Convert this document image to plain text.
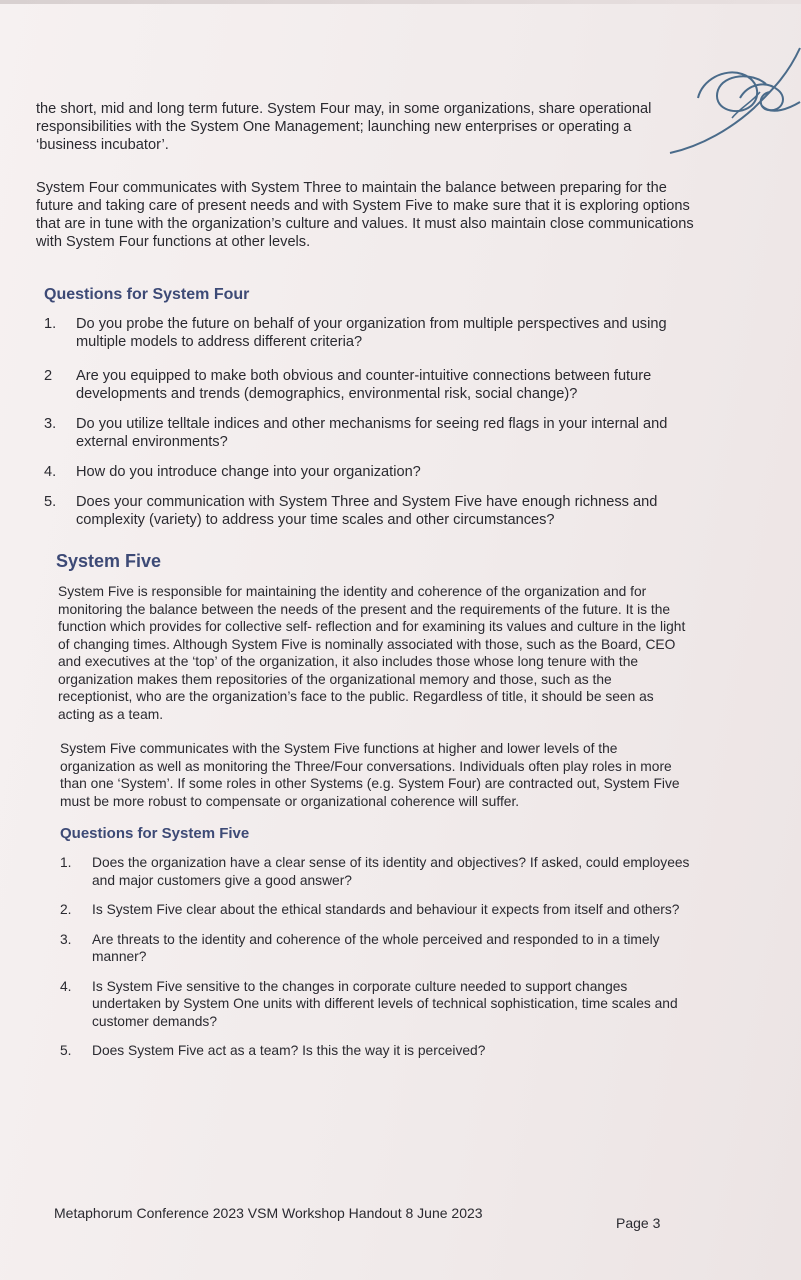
the short, mid and long term future. System Four may, in some organizations, share operational responsibilities with the System One Management; launching new enterprises or operating a ‘business incubator’.

System Four communicates with System Three to maintain the balance between preparing for the future and taking care of present needs and with System Five to make sure that it is exploring options that are in tune with the organization’s culture and values. It must also maintain close communications with System Four functions at other levels.

Questions for System Four
1. Do you probe the future on behalf of your organization from multiple perspectives and using multiple models to address different criteria?
2 Are you equipped to make both obvious and counter-intuitive connections between future developments and trends (demographics, environmental risk, social change)?
3. Do you utilize telltale indices and other mechanisms for seeing red flags in your internal and external environments?
4. How do you introduce change into your organization?
5. Does your communication with System Three and System Five have enough richness and complexity (variety) to address your time scales and other circumstances?
System Five

System Five is responsible for maintaining the identity and coherence of the organization and for monitoring the balance between the needs of the present and the requirements of the future. It is the function which provides for collective self- reflection and for examining its values and culture in the light of changing times. Although System Five is nominally associated with those, such as the Board, CEO and executives at the ‘top’ of the organization, it also includes those whose long tenure with the organization makes them repositories of the organizational memory and those, such as the receptionist, who are the organization’s face to the public. Regardless of title, it should be seen as acting as a team.

System Five communicates with the System Five functions at higher and lower levels of the organization as well as monitoring the Three/Four conversations. Individuals often play roles in more than one ‘System’. If some roles in other Systems (e.g. System Four) are contracted out, System Five must be more robust to compensate or organizational coherence will suffer.

Questions for System Five
1. Does the organization have a clear sense of its identity and objectives? If asked, could employees and major customers give a good answer?
2. Is System Five clear about the ethical standards and behaviour it expects from itself and others?
3. Are threats to the identity and coherence of the whole perceived and responded to in a timely manner?
4. Is System Five sensitive to the changes in corporate culture needed to support changes undertaken by System One units with different levels of technical sophistication, time scales and customer demands?
5. Does System Five act as a team? Is this the way it is perceived?
Metaphorum Conference 2023 VSM Workshop Handout 8 June 2023
Page 3
